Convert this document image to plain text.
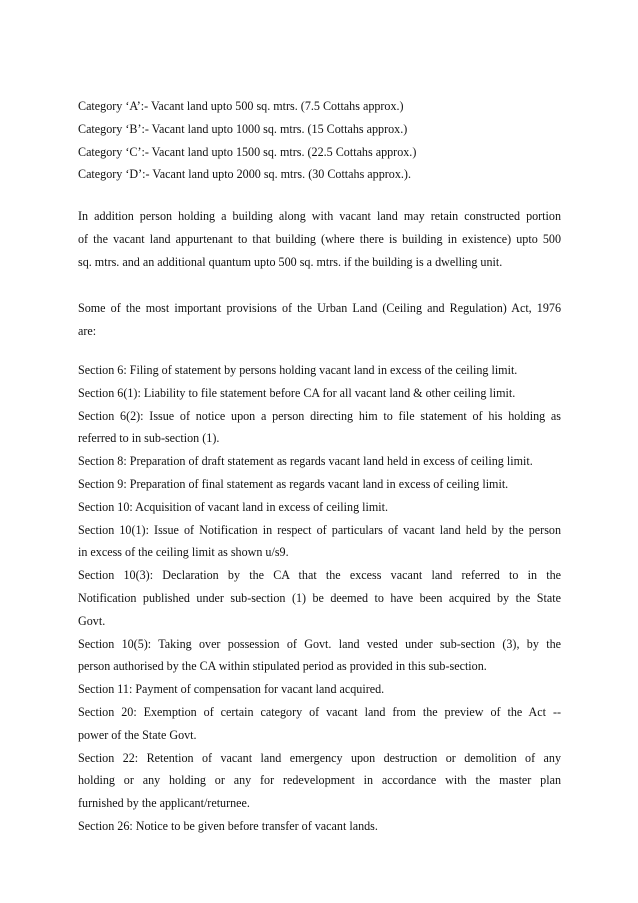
Category ‘A’:- Vacant land upto 500 sq. mtrs. (7.5 Cottahs approx.)
Category ‘B’:- Vacant land upto 1000 sq. mtrs. (15 Cottahs approx.)
Category ‘C’:- Vacant land upto 1500 sq. mtrs. (22.5 Cottahs approx.)
Category ‘D’:- Vacant land upto 2000 sq. mtrs. (30 Cottahs approx.).
In addition person holding a building along with vacant land may retain constructed portion
of the vacant land appurtenant to that building (where there is building in existence) upto 500
sq. mtrs. and an additional quantum upto 500 sq. mtrs. if the building is a dwelling unit.
Some of the most important provisions of the Urban Land (Ceiling and Regulation) Act, 1976
are:
Section 6: Filing of statement by persons holding vacant land in excess of the ceiling limit.
Section 6(1): Liability to file statement before CA for all vacant land & other ceiling limit.
Section 6(2): Issue of notice upon a person directing him to file statement of his holding as
referred to in sub-section (1).
Section 8: Preparation of draft statement as regards vacant land held in excess of ceiling limit.
Section 9: Preparation of final statement as regards vacant land in excess of ceiling limit.
Section 10: Acquisition of vacant land in excess of ceiling limit.
Section 10(1): Issue of Notification in respect of particulars of vacant land held by the person
in excess of the ceiling limit as shown u/s9.
Section 10(3): Declaration by the CA that the excess vacant land referred to in the
Notification published under sub-section (1) be deemed to have been acquired by the State
Govt.
Section 10(5): Taking over possession of Govt. land vested under sub-section (3), by the
person authorised by the CA within stipulated period as provided in this sub-section.
Section 11: Payment of compensation for vacant land acquired.
Section 20: Exemption of certain category of vacant land from the preview of the Act --
power of the State Govt.
Section 22: Retention of vacant land emergency upon destruction or demolition of any
holding or any holding or any for redevelopment in accordance with the master plan
furnished by the applicant/returnee.
Section 26: Notice to be given before transfer of vacant lands.
